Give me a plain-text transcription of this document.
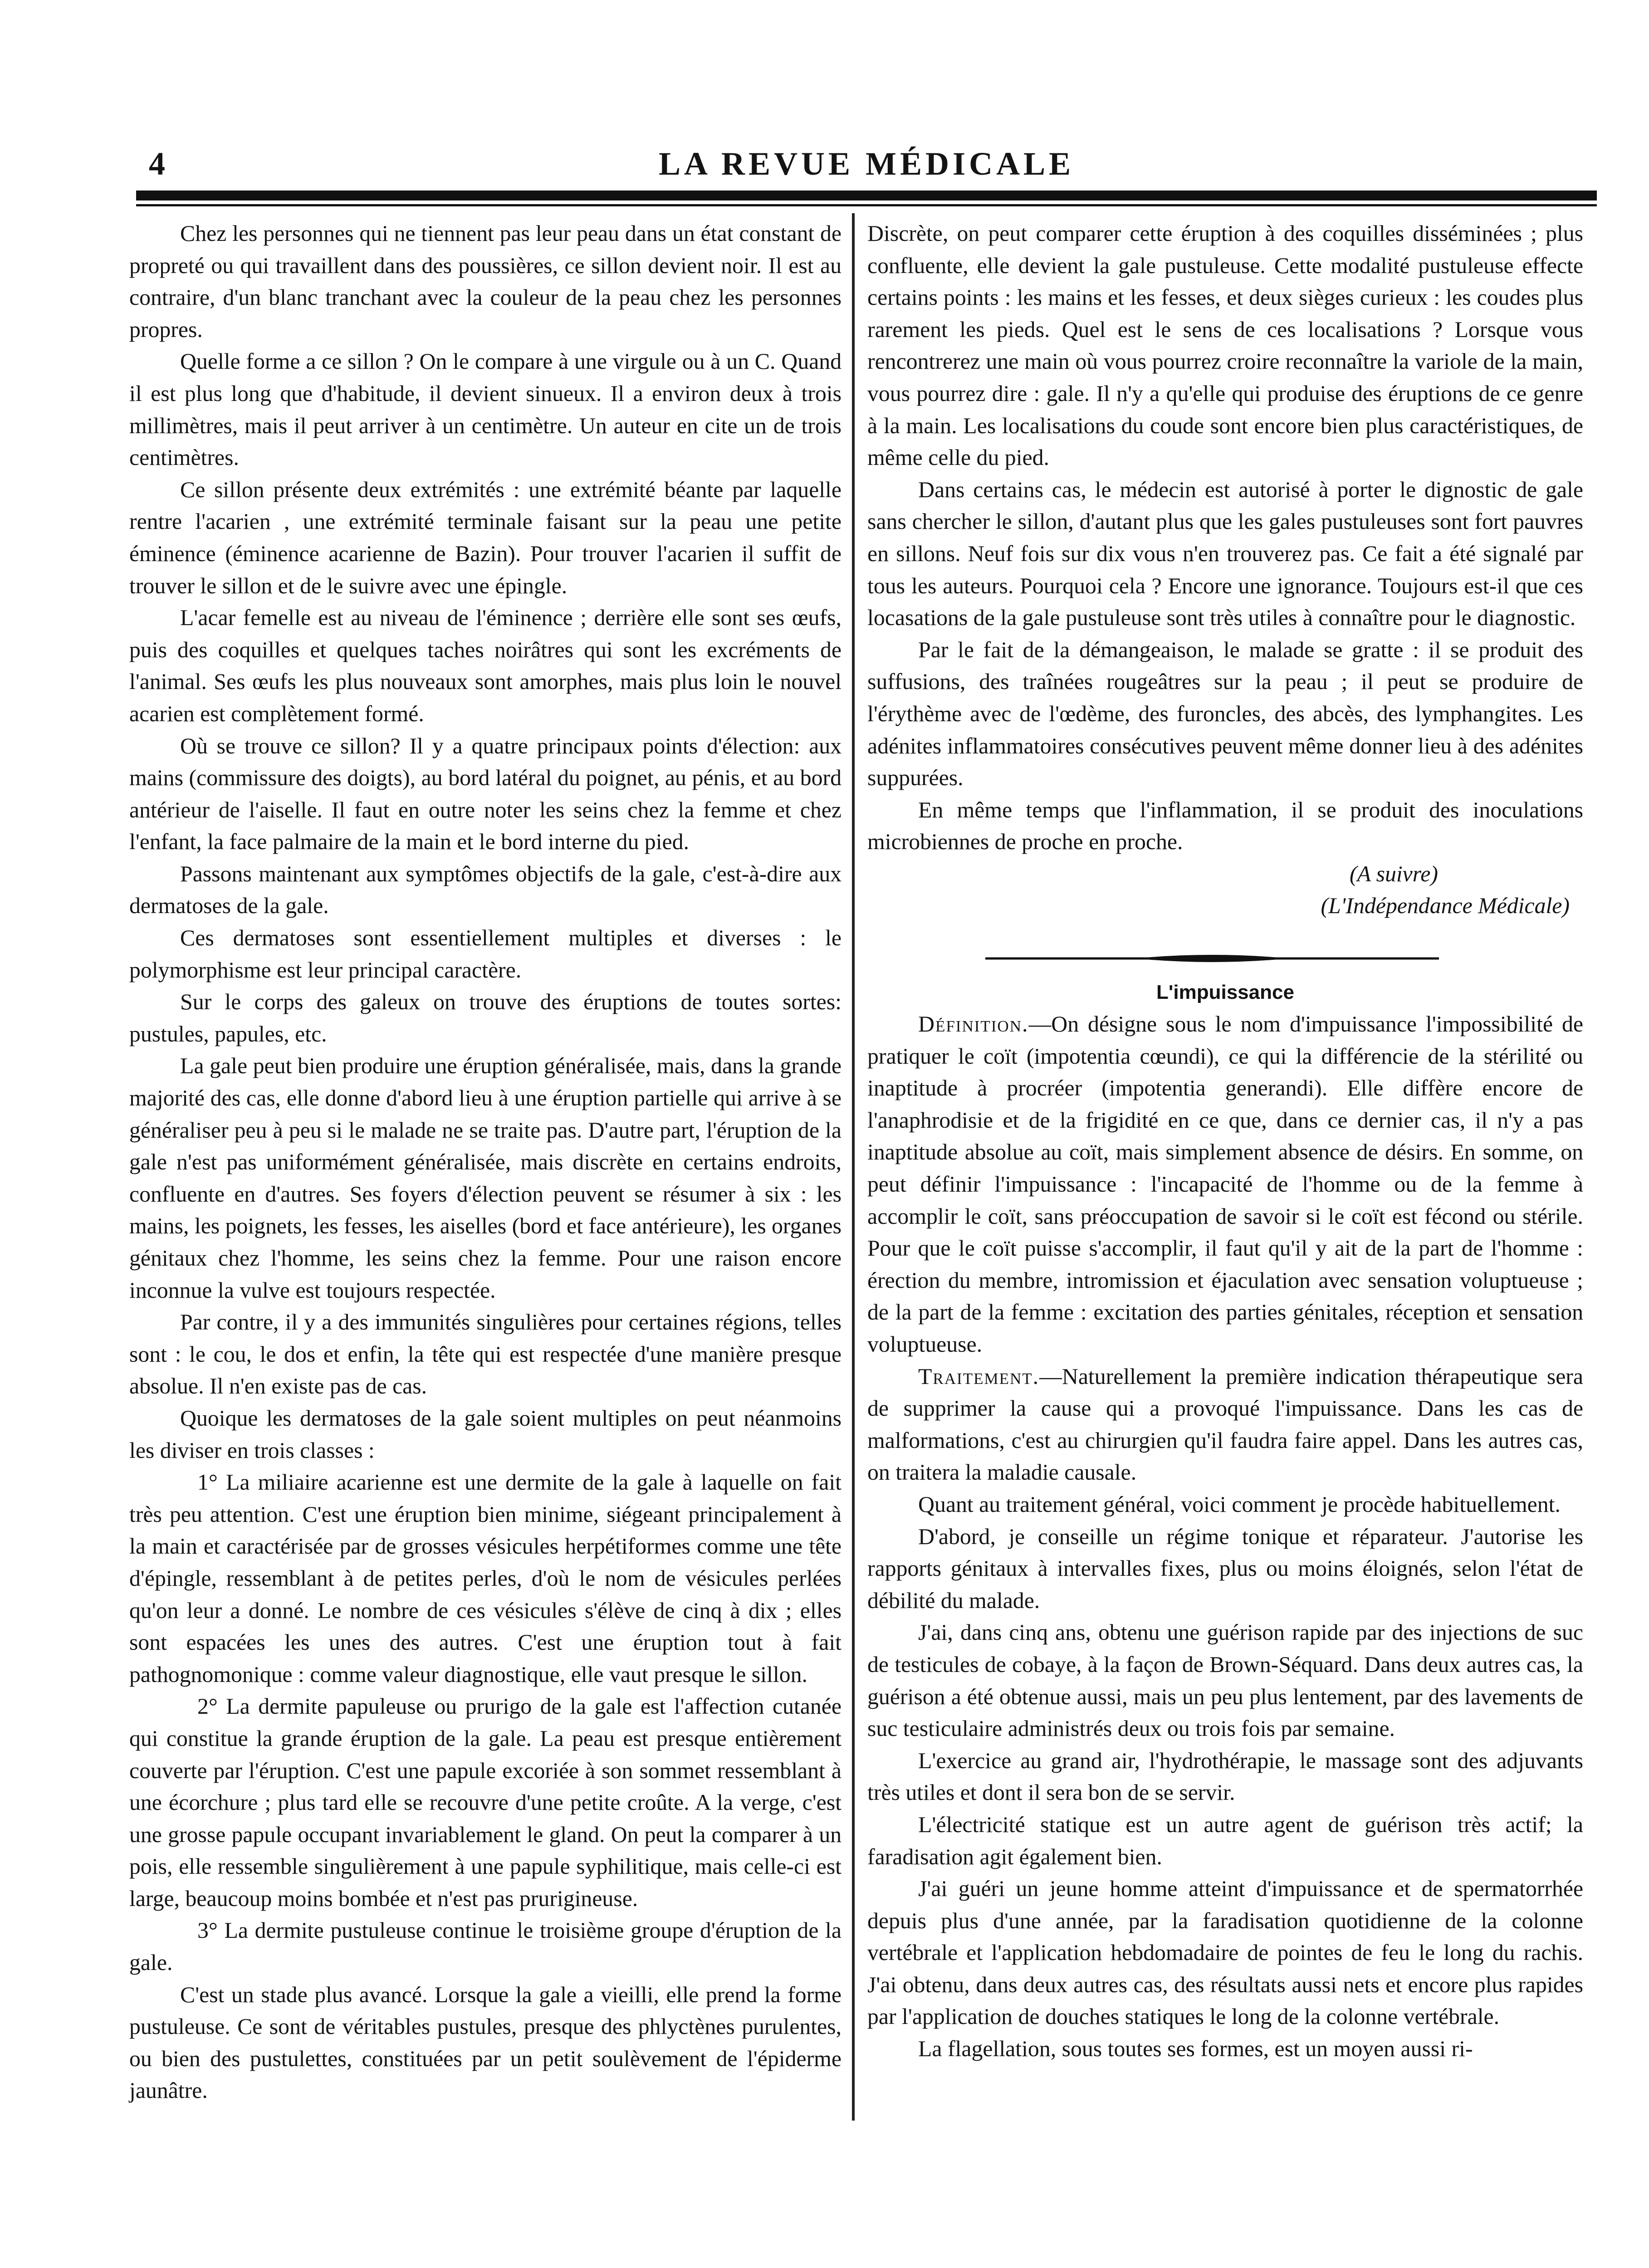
4	LA REVUE MÉDICALE

Chez les personnes qui ne tiennent pas leur peau dans un état constant de propreté ou qui travaillent dans des poussières, ce sillon devient noir. Il est au contraire, d'un blanc tranchant avec la couleur de la peau chez les personnes propres.

Quelle forme a ce sillon ? On le compare à une virgule ou à un C. Quand il est plus long que d'habitude, il devient sinueux. Il a environ deux à trois millimètres, mais il peut arriver à un centimètre. Un auteur en cite un de trois centimètres.

Ce sillon présente deux extrémités : une extrémité béante par laquelle rentre l'acarien , une extrémité terminale faisant sur la peau une petite éminence (éminence acarienne de Bazin). Pour trouver l'acarien il suffit de trouver le sillon et de le suivre avec une épingle.

L'acar femelle est au niveau de l'éminence ; derrière elle sont ses œufs, puis des coquilles et quelques taches noirâtres qui sont les excréments de l'animal. Ses œufs les plus nouveaux sont amorphes, mais plus loin le nouvel acarien est complètement formé.

Où se trouve ce sillon? Il y a quatre principaux points d'élection: aux mains (commissure des doigts), au bord latéral du poignet, au pénis, et au bord antérieur de l'aiselle. Il faut en outre noter les seins chez la femme et chez l'enfant, la face palmaire de la main et le bord interne du pied.

Passons maintenant aux symptômes objectifs de la gale, c'est-à-dire aux dermatoses de la gale.

Ces dermatoses sont essentiellement multiples et diverses : le polymorphisme est leur principal caractère.

Sur le corps des galeux on trouve des éruptions de toutes sortes: pustules, papules, etc.

La gale peut bien produire une éruption généralisée, mais, dans la grande majorité des cas, elle donne d'abord lieu à une éruption partielle qui arrive à se généraliser peu à peu si le malade ne se traite pas. D'autre part, l'éruption de la gale n'est pas uniformément généralisée, mais discrète en certains endroits, confluente en d'autres. Ses foyers d'élection peuvent se résumer à six : les mains, les poignets, les fesses, les aiselles (bord et face antérieure), les organes génitaux chez l'homme, les seins chez la femme. Pour une raison encore inconnue la vulve est toujours respectée.

Par contre, il y a des immunités singulières pour certaines régions, telles sont : le cou, le dos et enfin, la tête qui est respectée d'une manière presque absolue. Il n'en existe pas de cas.

Quoique les dermatoses de la gale soient multiples on peut néanmoins les diviser en trois classes :

1° La miliaire acarienne est une dermite de la gale à laquelle on fait très peu attention. C'est une éruption bien minime, siégeant principalement à la main et caractérisée par de grosses vésicules herpétiformes comme une tête d'épingle, ressemblant à de petites perles, d'où le nom de vésicules perlées qu'on leur a donné. Le nombre de ces vésicules s'élève de cinq à dix ; elles sont espacées les unes des autres. C'est une éruption tout à fait pathognomonique : comme valeur diagnostique, elle vaut presque le sillon.

2° La dermite papuleuse ou prurigo de la gale est l'affection cutanée qui constitue la grande éruption de la gale. La peau est presque entièrement couverte par l'éruption. C'est une papule excoriée à son sommet ressemblant à une écorchure ; plus tard elle se recouvre d'une petite croûte. A la verge, c'est une grosse papule occupant invariablement le gland. On peut la comparer à un pois, elle ressemble singulièrement à une papule syphilitique, mais celle-ci est large, beaucoup moins bombée et n'est pas prurigineuse.

3° La dermite pustuleuse continue le troisième groupe d'éruption de la gale.

C'est un stade plus avancé. Lorsque la gale a vieilli, elle prend la forme pustuleuse. Ce sont de véritables pustules, presque des phlyctènes purulentes, ou bien des pustulettes, constituées par un petit soulèvement de l'épiderme jaunâtre.

Discrète, on peut comparer cette éruption à des coquilles disséminées ; plus confluente, elle devient la gale pustuleuse. Cette modalité pustuleuse effecte certains points : les mains et les fesses, et deux sièges curieux : les coudes plus rarement les pieds. Quel est le sens de ces localisations ? Lorsque vous rencontrerez une main où vous pourrez croire reconnaître la variole de la main, vous pourrez dire : gale. Il n'y a qu'elle qui produise des éruptions de ce genre à la main. Les localisations du coude sont encore bien plus caractéristiques, de même celle du pied.

Dans certains cas, le médecin est autorisé à porter le dignostic de gale sans chercher le sillon, d'autant plus que les gales pustuleuses sont fort pauvres en sillons. Neuf fois sur dix vous n'en trouverez pas. Ce fait a été signalé par tous les auteurs. Pourquoi cela ? Encore une ignorance. Toujours est-il que ces locasations de la gale pustuleuse sont très utiles à connaître pour le diagnostic.

Par le fait de la démangeaison, le malade se gratte : il se produit des suffusions, des traînées rougeâtres sur la peau ; il peut se produire de l'érythème avec de l'œdème, des furoncles, des abcès, des lymphangites. Les adénites inflammatoires consécutives peuvent même donner lieu à des adénites suppurées.

En même temps que l'inflammation, il se produit des inoculations microbiennes de proche en proche.

(A suivre)

(L'Indépendance Médicale)

L'impuissance

Définition.—On désigne sous le nom d'impuissance l'impossibilité de pratiquer le coït (impotentia cœundi), ce qui la différencie de la stérilité ou inaptitude à procréer (impotentia generandi). Elle diffère encore de l'anaphrodisie et de la frigidité en ce que, dans ce dernier cas, il n'y a pas inaptitude absolue au coït, mais simplement absence de désirs. En somme, on peut définir l'impuissance : l'incapacité de l'homme ou de la femme à accomplir le coït, sans préoccupation de savoir si le coït est fécond ou stérile. Pour que le coït puisse s'accomplir, il faut qu'il y ait de la part de l'homme : érection du membre, intromission et éjaculation avec sensation voluptueuse ; de la part de la femme : excitation des parties génitales, réception et sensation voluptueuse.

Traitement.—Naturellement la première indication thérapeutique sera de supprimer la cause qui a provoqué l'impuissance. Dans les cas de malformations, c'est au chirurgien qu'il faudra faire appel. Dans les autres cas, on traitera la maladie causale.

Quant au traitement général, voici comment je procède habituellement.

D'abord, je conseille un régime tonique et réparateur. J'autorise les rapports génitaux à intervalles fixes, plus ou moins éloignés, selon l'état de débilité du malade.

J'ai, dans cinq ans, obtenu une guérison rapide par des injections de suc de testicules de cobaye, à la façon de Brown-Séquard. Dans deux autres cas, la guérison a été obtenue aussi, mais un peu plus lentement, par des lavements de suc testiculaire administrés deux ou trois fois par semaine.

L'exercice au grand air, l'hydrothérapie, le massage sont des adjuvants très utiles et dont il sera bon de se servir.

L'électricité statique est un autre agent de guérison très actif; la faradisation agit également bien.

J'ai guéri un jeune homme atteint d'impuissance et de spermatorrhée depuis plus d'une année, par la faradisation quotidienne de la colonne vertébrale et l'application hebdomadaire de pointes de feu le long du rachis. J'ai obtenu, dans deux autres cas, des résultats aussi nets et encore plus rapides par l'application de douches statiques le long de la colonne vertébrale.

La flagellation, sous toutes ses formes, est un moyen aussi ri-
